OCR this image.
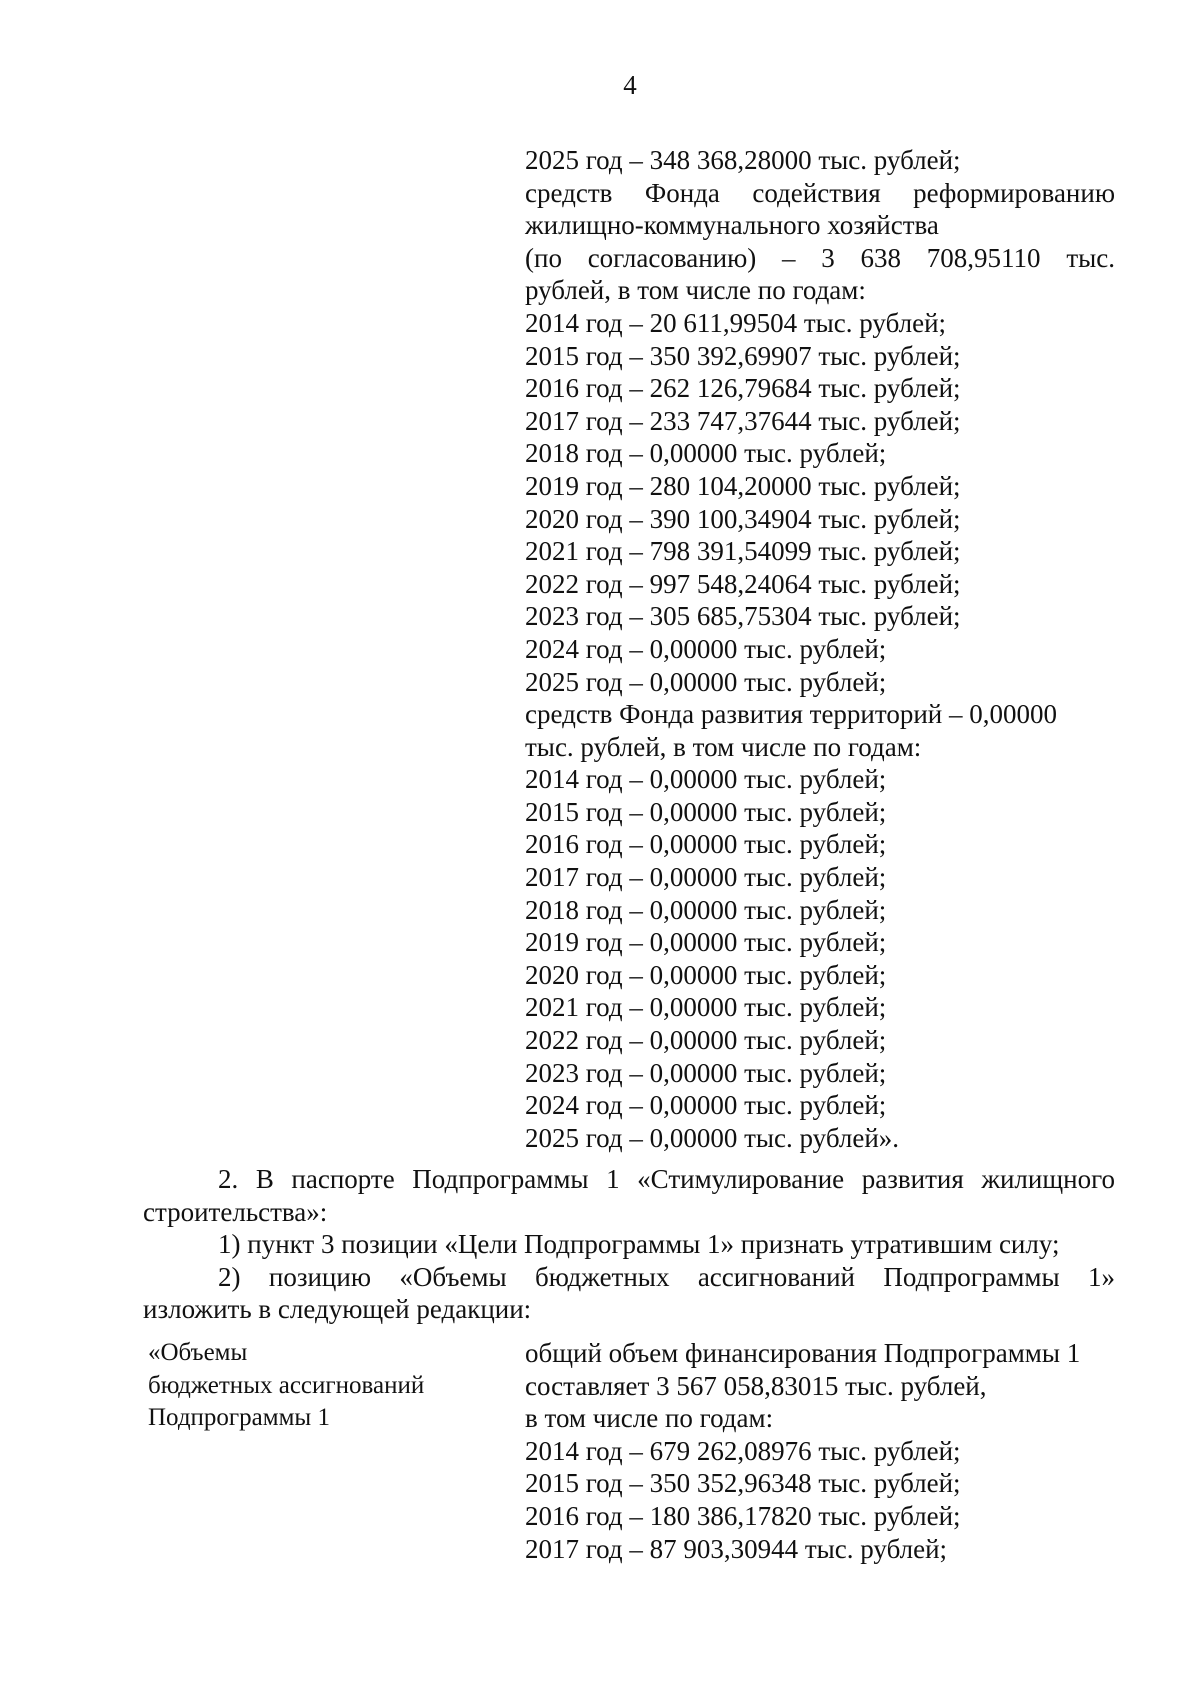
4
2025 год – 348 368,28000 тыс. рублей;
средств Фонда содействия реформированию
жилищно-коммунального хозяйства
(по согласованию) – 3 638 708,95110 тыс.
рублей, в том числе по годам:
2014 год – 20 611,99504 тыс. рублей;
2015 год – 350 392,69907 тыс. рублей;
2016 год – 262 126,79684 тыс. рублей;
2017 год – 233 747,37644 тыс. рублей;
2018 год – 0,00000 тыс. рублей;
2019 год – 280 104,20000 тыс. рублей;
2020 год – 390 100,34904 тыс. рублей;
2021 год – 798 391,54099 тыс. рублей;
2022 год – 997 548,24064 тыс. рублей;
2023 год – 305 685,75304 тыс. рублей;
2024 год – 0,00000 тыс. рублей;
2025 год – 0,00000 тыс. рублей;
средств Фонда развития территорий – 0,00000
тыс. рублей, в том числе по годам:
2014 год – 0,00000 тыс. рублей;
2015 год – 0,00000 тыс. рублей;
2016 год – 0,00000 тыс. рублей;
2017 год – 0,00000 тыс. рублей;
2018 год – 0,00000 тыс. рублей;
2019 год – 0,00000 тыс. рублей;
2020 год – 0,00000 тыс. рублей;
2021 год – 0,00000 тыс. рублей;
2022 год – 0,00000 тыс. рублей;
2023 год – 0,00000 тыс. рублей;
2024 год – 0,00000 тыс. рублей;
2025 год – 0,00000 тыс. рублей».

2. В паспорте Подпрограммы 1 «Стимулирование развития жилищного

строительства»:

1) пункт 3 позиции «Цели Подпрограммы 1» признать утратившим силу;

2) позицию «Объемы бюджетных ассигнований Подпрограммы 1»

изложить в следующей редакции:

«Объемы
бюджетных ассигнований
Подпрограммы 1
общий объем финансирования Подпрограммы 1
составляет 3 567 058,83015 тыс. рублей,
в том числе по годам:
2014 год – 679 262,08976 тыс. рублей;
2015 год – 350 352,96348 тыс. рублей;
2016 год – 180 386,17820 тыс. рублей;
2017 год – 87 903,30944 тыс. рублей;
